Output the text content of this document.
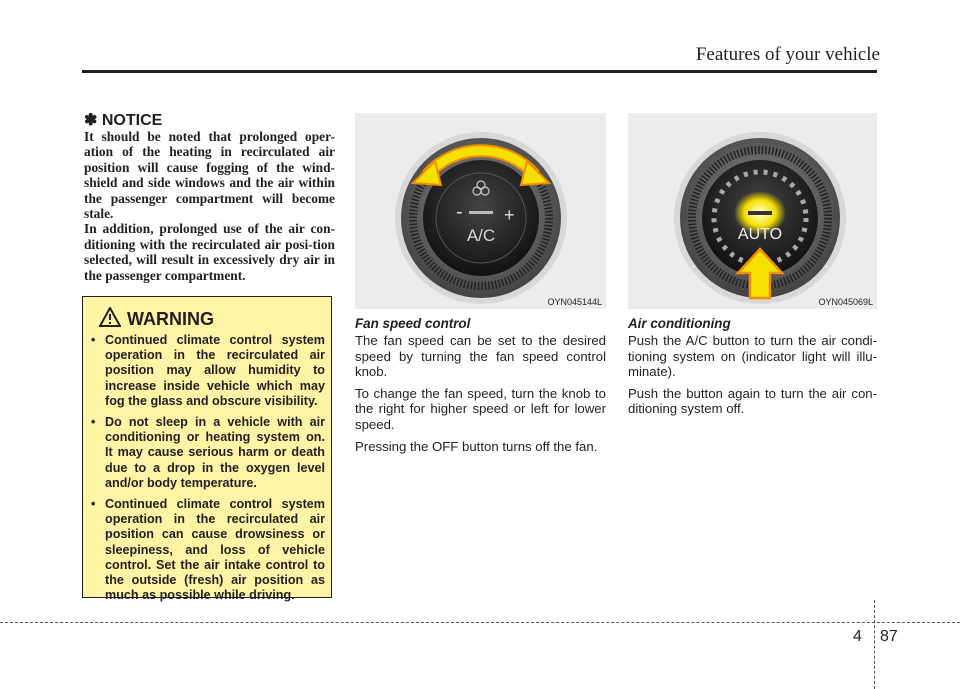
Features of your vehicle
✽ NOTICE

It should be noted that prolonged oper-ation of the heating in recirculated air position will cause fogging of the wind-shield and side windows and the air within the passenger compartment will become stale.

In addition, prolonged use of the air con-ditioning with the recirculated air posi-tion selected, will result in excessively dry air in the passenger compartment.

WARNING
• Continued climate control system operation in the recirculated air position may allow humidity to increase inside vehicle which may fog the glass and obscure visibility.
• Do not sleep in a vehicle with air conditioning or heating system on. It may cause serious harm or death due to a drop in the oxygen level and/or body temperature.
• Continued climate control system operation in the recirculated air position can cause drowsiness or sleepiness, and loss of vehicle control. Set the air intake control to the outside (fresh) air position as much as possible while driving.
- +
A/C
OYN045144L
AUTO
OYN045069L
Fan speed control

The fan speed can be set to the desired speed by turning the fan speed control knob.

To change the fan speed, turn the knob to the right for higher speed or left for lower speed.

Pressing the OFF button turns off the fan.

Air conditioning

Push the A/C button to turn the air condi-tioning system on (indicator light will illu-minate).

Push the button again to turn the air con-ditioning system off.

4 87
